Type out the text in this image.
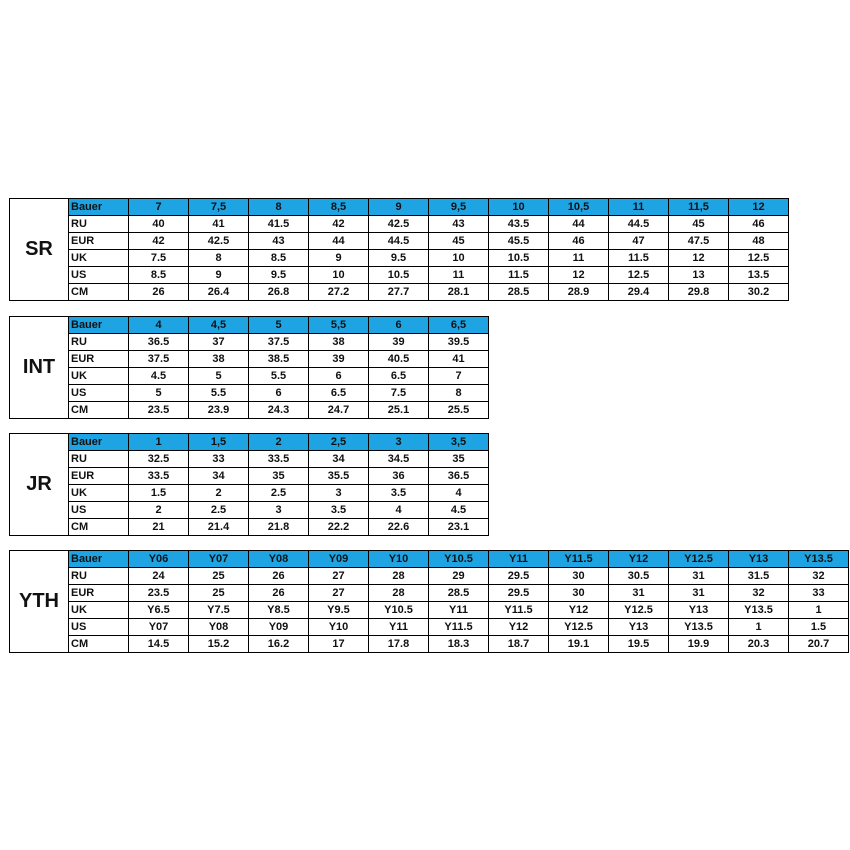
SR
Bauer	7	7,5	8	8,5	9	9,5	10	10,5	11	11,5	12
RU	40	41	41.5	42	42.5	43	43.5	44	44.5	45	46
EUR	42	42.5	43	44	44.5	45	45.5	46	47	47.5	48
UK	7.5	8	8.5	9	9.5	10	10.5	11	11.5	12	12.5
US	8.5	9	9.5	10	10.5	11	11.5	12	12.5	13	13.5
CM	26	26.4	26.8	27.2	27.7	28.1	28.5	28.9	29.4	29.8	30.2
INT
Bauer	4	4,5	5	5,5	6	6,5
RU	36.5	37	37.5	38	39	39.5
EUR	37.5	38	38.5	39	40.5	41
UK	4.5	5	5.5	6	6.5	7
US	5	5.5	6	6.5	7.5	8
CM	23.5	23.9	24.3	24.7	25.1	25.5
JR
Bauer	1	1,5	2	2,5	3	3,5
RU	32.5	33	33.5	34	34.5	35
EUR	33.5	34	35	35.5	36	36.5
UK	1.5	2	2.5	3	3.5	4
US	2	2.5	3	3.5	4	4.5
CM	21	21.4	21.8	22.2	22.6	23.1
YTH
Bauer	Y06	Y07	Y08	Y09	Y10	Y10.5	Y11	Y11.5	Y12	Y12.5	Y13	Y13.5
RU	24	25	26	27	28	29	29.5	30	30.5	31	31.5	32
EUR	23.5	25	26	27	28	28.5	29.5	30	31	31	32	33
UK	Y6.5	Y7.5	Y8.5	Y9.5	Y10.5	Y11	Y11.5	Y12	Y12.5	Y13	Y13.5	1
US	Y07	Y08	Y09	Y10	Y11	Y11.5	Y12	Y12.5	Y13	Y13.5	1	1.5
CM	14.5	15.2	16.2	17	17.8	18.3	18.7	19.1	19.5	19.9	20.3	20.7
